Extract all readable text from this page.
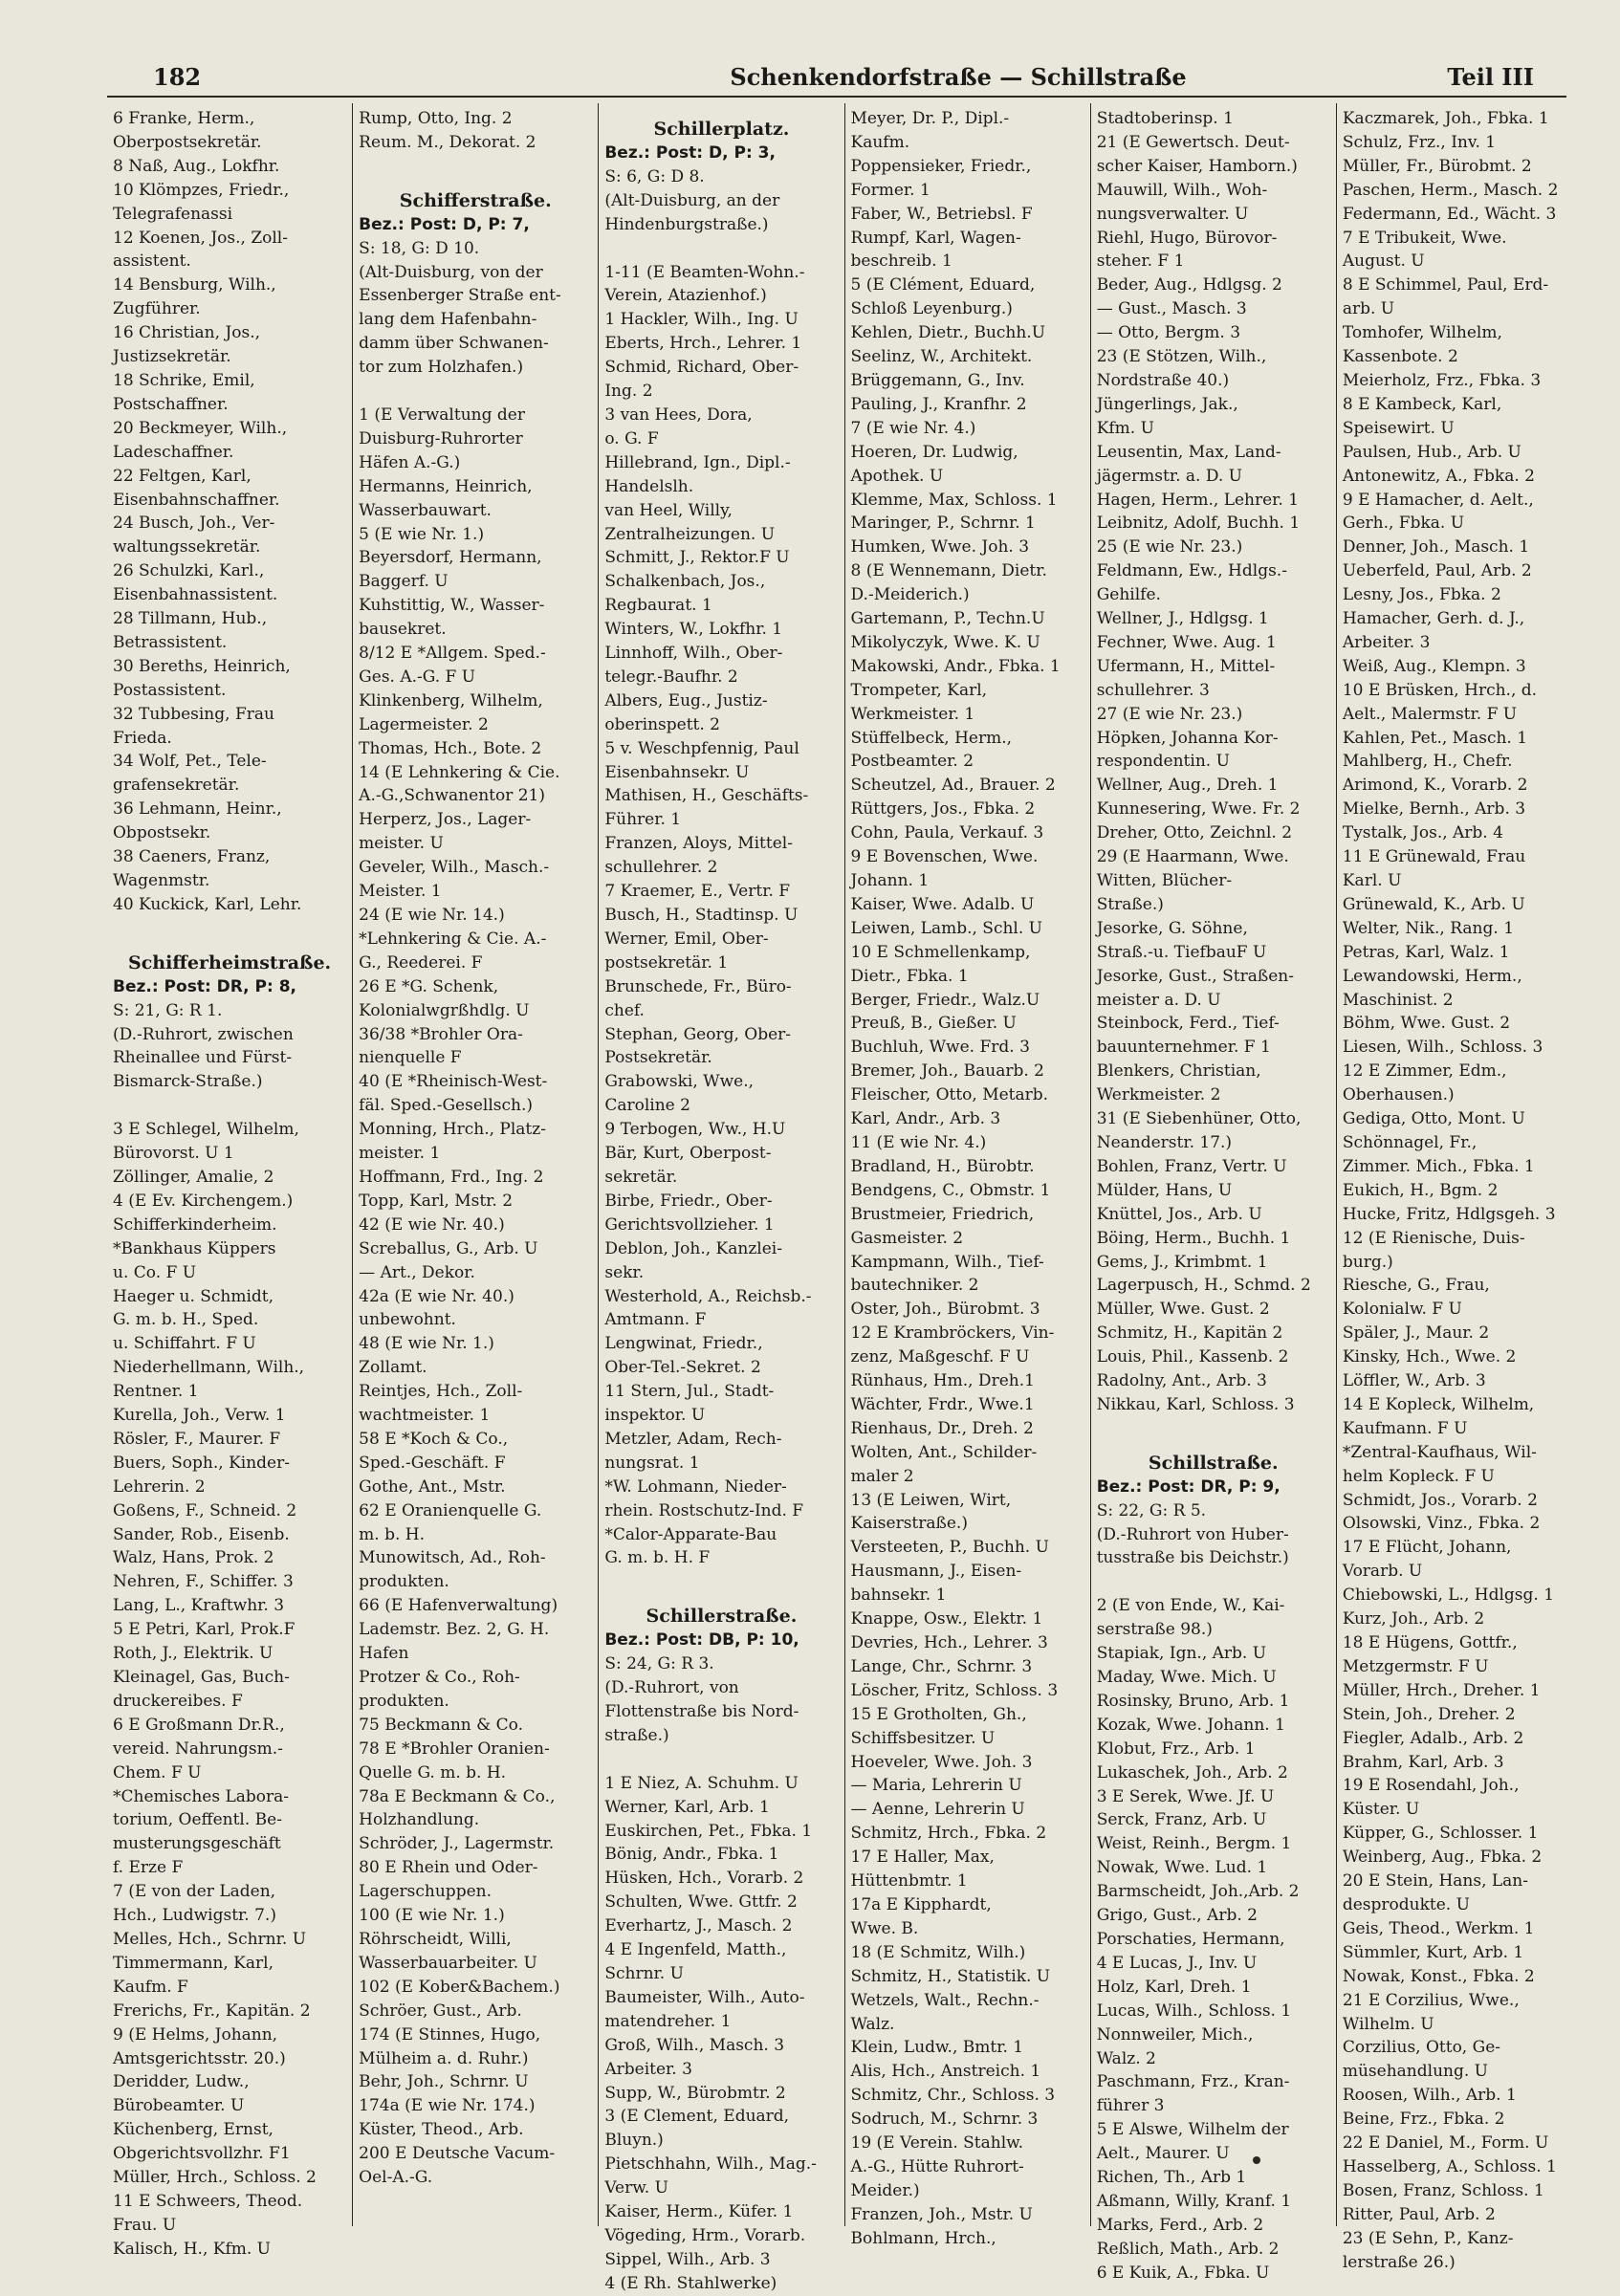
182	Schenkendorfstraße — Schillstraße	Teil III
6 Franke, Herm.,
Oberpostsekretär.
8 Naß, Aug., Lokfhr.
10 Klömpzes, Friedr.,
Telegrafenassi
12 Koenen, Jos., Zoll-
assistent.
14 Bensburg, Wilh.,
Zugführer.
16 Christian, Jos.,
Justizsekretär.
18 Schrike, Emil,
Postschaffner.
20 Beckmeyer, Wilh.,
Ladeschaffner.
22 Feltgen, Karl,
Eisenbahnschaffner.
24 Busch, Joh., Ver-
waltungssekretär.
26 Schulzki, Karl.,
Eisenbahnassistent.
28 Tillmann, Hub.,
Betrassistent.
30 Bereths, Heinrich,
Postassistent.
32 Tubbesing, Frau
Frieda.
34 Wolf, Pet., Tele-
grafensekretär.
36 Lehmann, Heinr.,
Obpostsekr.
38 Caeners, Franz,
Wagenmstr.
40 Kuckick, Karl, Lehr.

Schifferheimstraße.
Bez.: Post: DR, P: 8,
S: 21, G: R 1.
(D.-Ruhrort, zwischen
Rheinallee und Fürst-
Bismarck-Straße.)

3 E Schlegel, Wilhelm,
Bürovorst. U 1
Zöllinger, Amalie, 2
4 (E Ev. Kirchengem.)
Schifferkinderheim.
*Bankhaus Küppers
u. Co. F U
Haeger u. Schmidt,
G. m. b. H., Sped.
u. Schiffahrt. F U
Niederhellmann, Wilh.,
Rentner. 1
Kurella, Joh., Verw. 1
Rösler, F., Maurer. F
Buers, Soph., Kinder-
Lehrerin. 2
Goßens, F., Schneid. 2
Sander, Rob., Eisenb.
Walz, Hans, Prok. 2
Nehren, F., Schiffer. 3
Lang, L., Kraftwhr. 3
5 E Petri, Karl, Prok.F
Roth, J., Elektrik. U
Kleinagel, Gas, Buch-
druckereibes. F
6 E Großmann Dr.R.,
vereid. Nahrungsm.-
Chem. F U
*Chemisches Labora-
torium, Oeffentl. Be-
musterungsgeschäft
f. Erze F
7 (E von der Laden,
Hch., Ludwigstr. 7.)
Melles, Hch., Schrnr. U
Timmermann, Karl,
Kaufm. F
Frerichs, Fr., Kapitän. 2
9 (E Helms, Johann,
Amtsgerichtsstr. 20.)
Deridder, Ludw.,
Bürobeamter. U
Küchenberg, Ernst,
Obgerichtsvollzhr. F1
Müller, Hrch., Schloss. 2
11 E Schweers, Theod.
Frau. U
Kalisch, H., Kfm. U
Rump, Otto, Ing. 2
Reum. M., Dekorat. 2

Schifferstraße.
Bez.: Post: D, P: 7,
S: 18, G: D 10.
(Alt-Duisburg, von der
Essenberger Straße ent-
lang dem Hafenbahn-
damm über Schwanen-
tor zum Holzhafen.)

1 (E Verwaltung der
Duisburg-Ruhrorter
Häfen A.-G.)
Hermanns, Heinrich,
Wasserbauwart.
5 (E wie Nr. 1.)
Beyersdorf, Hermann,
Baggerf. U
Kuhstittig, W., Wasser-
bausekret.
8/12 E *Allgem. Sped.-
Ges. A.-G. F U
Klinkenberg, Wilhelm,
Lagermeister. 2
Thomas, Hch., Bote. 2
14 (E Lehnkering & Cie.
A.-G.,Schwanentor 21)
Herperz, Jos., Lager-
meister. U
Geveler, Wilh., Masch.-
Meister. 1
24 (E wie Nr. 14.)
*Lehnkering & Cie. A.-
G., Reederei. F
26 E *G. Schenk,
Kolonialwgrßhdlg. U
36/38 *Brohler Ora-
nienquelle F
40 (E *Rheinisch-West-
fäl. Sped.-Gesellsch.)
Monning, Hrch., Platz-
meister. 1
Hoffmann, Frd., Ing. 2
Topp, Karl, Mstr. 2
42 (E wie Nr. 40.)
Screballus, G., Arb. U
— Art., Dekor.
42a (E wie Nr. 40.)
unbewohnt.
48 (E wie Nr. 1.)
Zollamt.
Reintjes, Hch., Zoll-
wachtmeister. 1
58 E *Koch & Co.,
Sped.-Geschäft. F
Gothe, Ant., Mstr.
62 E Oranienquelle G.
m. b. H.
Munowitsch, Ad., Roh-
produkten.
66 (E Hafenverwaltung)
Lademstr. Bez. 2, G. H.
Hafen
Protzer & Co., Roh-
produkten.
75 Beckmann & Co.
78 E *Brohler Oranien-
Quelle G. m. b. H.
78a E Beckmann & Co.,
Holzhandlung.
Schröder, J., Lagermstr.
80 E Rhein und Oder-
Lagerschuppen.
100 (E wie Nr. 1.)
Röhrscheidt, Willi,
Wasserbauarbeiter. U
102 (E Kober&Bachem.)
Schröer, Gust., Arb.
174 (E Stinnes, Hugo,
Mülheim a. d. Ruhr.)
Behr, Joh., Schrnr. U
174a (E wie Nr. 174.)
Küster, Theod., Arb.
200 E Deutsche Vacum-
Oel-A.-G.
Schillerplatz.
Bez.: Post: D, P: 3,
S: 6, G: D 8.
(Alt-Duisburg, an der
Hindenburgstraße.)

1-11 (E Beamten-Wohn.-
Verein, Atazienhof.)
1 Hackler, Wilh., Ing. U
Eberts, Hrch., Lehrer. 1
Schmid, Richard, Ober-
Ing. 2
3 van Hees, Dora,
o. G. F
Hillebrand, Ign., Dipl.-
Handelslh.
van Heel, Willy,
Zentralheizungen. U
Schmitt, J., Rektor.F U
Schalkenbach, Jos.,
Regbaurat. 1
Winters, W., Lokfhr. 1
Linnhoff, Wilh., Ober-
telegr.-Baufhr. 2
Albers, Eug., Justiz-
oberinspett. 2
5 v. Weschpfennig, Paul
Eisenbahnsekr. U
Mathisen, H., Geschäfts-
Führer. 1
Franzen, Aloys, Mittel-
schullehrer. 2
7 Kraemer, E., Vertr. F
Busch, H., Stadtinsp. U
Werner, Emil, Ober-
postsekretär. 1
Brunschede, Fr., Büro-
chef.
Stephan, Georg, Ober-
Postsekretär.
Grabowski, Wwe.,
Caroline 2
9 Terbogen, Ww., H.U
Bär, Kurt, Oberpost-
sekretär.
Birbe, Friedr., Ober-
Gerichtsvollzieher. 1
Deblon, Joh., Kanzlei-
sekr.
Westerhold, A., Reichsb.-
Amtmann. F
Lengwinat, Friedr.,
Ober-Tel.-Sekret. 2
11 Stern, Jul., Stadt-
inspektor. U
Metzler, Adam, Rech-
nungsrat. 1
*W. Lohmann, Nieder-
rhein. Rostschutz-Ind. F
*Calor-Apparate-Bau
G. m. b. H. F

Schillerstraße.
Bez.: Post: DB, P: 10,
S: 24, G: R 3.
(D.-Ruhrort, von
Flottenstraße bis Nord-
straße.)

1 E Niez, A. Schuhm. U
Werner, Karl, Arb. 1
Euskirchen, Pet., Fbka. 1
Bönig, Andr., Fbka. 1
Hüsken, Hch., Vorarb. 2
Schulten, Wwe. Gttfr. 2
Everhartz, J., Masch. 2
4 E Ingenfeld, Matth.,
Schrnr. U
Baumeister, Wilh., Auto-
matendreher. 1
Groß, Wilh., Masch. 3
Arbeiter. 3
Supp, W., Bürobmtr. 2
3 (E Clement, Eduard,
Bluyn.)
Pietschhahn, Wilh., Mag.-
Verw. U
Kaiser, Herm., Küfer. 1
Vögeding, Hrm., Vorarb.
Sippel, Wilh., Arb. 3
4 (E Rh. Stahlwerke)
Meyer, Dr. P., Dipl.-
Kaufm.
Poppensieker, Friedr.,
Former. 1
Faber, W., Betriebsl. F
Rumpf, Karl, Wagen-
beschreib. 1
5 (E Clément, Eduard,
Schloß Leyenburg.)
Kehlen, Dietr., Buchh.U
Seelinz, W., Architekt.
Brüggemann, G., Inv.
Pauling, J., Kranfhr. 2
7 (E wie Nr. 4.)
Hoeren, Dr. Ludwig,
Apothek. U
Klemme, Max, Schloss. 1
Maringer, P., Schrnr. 1
Humken, Wwe. Joh. 3
8 (E Wennemann, Dietr.
D.-Meiderich.)
Gartemann, P., Techn.U
Mikolyczyk, Wwe. K. U
Makowski, Andr., Fbka. 1
Trompeter, Karl,
Werkmeister. 1
Stüffelbeck, Herm.,
Postbeamter. 2
Scheutzel, Ad., Brauer. 2
Rüttgers, Jos., Fbka. 2
Cohn, Paula, Verkauf. 3
9 E Bovenschen, Wwe.
Johann. 1
Kaiser, Wwe. Adalb. U
Leiwen, Lamb., Schl. U
10 E Schmellenkamp,
Dietr., Fbka. 1
Berger, Friedr., Walz.U
Preuß, B., Gießer. U
Buchluh, Wwe. Frd. 3
Bremer, Joh., Bauarb. 2
Fleischer, Otto, Metarb.
Karl, Andr., Arb. 3
11 (E wie Nr. 4.)
Bradland, H., Bürobtr.
Bendgens, C., Obmstr. 1
Brustmeier, Friedrich,
Gasmeister. 2
Kampmann, Wilh., Tief-
bautechniker. 2
Oster, Joh., Bürobmt. 3
12 E Krambröckers, Vin-
zenz, Maßgeschf. F U
Rünhaus, Hm., Dreh.1
Wächter, Frdr., Wwe.1
Rienhaus, Dr., Dreh. 2
Wolten, Ant., Schilder-
maler 2
13 (E Leiwen, Wirt,
Kaiserstraße.)
Versteeten, P., Buchh. U
Hausmann, J., Eisen-
bahnsekr. 1
Knappe, Osw., Elektr. 1
Devries, Hch., Lehrer. 3
Lange, Chr., Schrnr. 3
Löscher, Fritz, Schloss. 3
15 E Grotholten, Gh.,
Schiffsbesitzer. U
Hoeveler, Wwe. Joh. 3
— Maria, Lehrerin U
— Aenne, Lehrerin U
Schmitz, Hrch., Fbka. 2
17 E Haller, Max,
Hüttenbmtr. 1
17a E Kipphardt,
Wwe. B.
18 (E Schmitz, Wilh.)
Schmitz, H., Statistik. U
Wetzels, Walt., Rechn.-
Walz.
Klein, Ludw., Bmtr. 1
Alis, Hch., Anstreich. 1
Schmitz, Chr., Schloss. 3
Sodruch, M., Schrnr. 3
19 (E Verein. Stahlw.
A.-G., Hütte Ruhrort-
Meider.)
Franzen, Joh., Mstr. U
Bohlmann, Hrch.,
Stadtoberinsp. 1
21 (E Gewertsch. Deut-
scher Kaiser, Hamborn.)
Mauwill, Wilh., Woh-
nungsverwalter. U
Riehl, Hugo, Bürovor-
steher. F 1
Beder, Aug., Hdlgsg. 2
— Gust., Masch. 3
— Otto, Bergm. 3
23 (E Stötzen, Wilh.,
Nordstraße 40.)
Jüngerlings, Jak.,
Kfm. U
Leusentin, Max, Land-
jägermstr. a. D. U
Hagen, Herm., Lehrer. 1
Leibnitz, Adolf, Buchh. 1
25 (E wie Nr. 23.)
Feldmann, Ew., Hdlgs.-
Gehilfe.
Wellner, J., Hdlgsg. 1
Fechner, Wwe. Aug. 1
Ufermann, H., Mittel-
schullehrer. 3
27 (E wie Nr. 23.)
Höpken, Johanna Kor-
respondentin. U
Wellner, Aug., Dreh. 1
Kunnesering, Wwe. Fr. 2
Dreher, Otto, Zeichnl. 2
29 (E Haarmann, Wwe.
Witten, Blücher-
Straße.)
Jesorke, G. Söhne,
Straß.-u. TiefbauF U
Jesorke, Gust., Straßen-
meister a. D. U
Steinbock, Ferd., Tief-
bauunternehmer. F 1
Blenkers, Christian,
Werkmeister. 2
31 (E Siebenhüner, Otto,
Neanderstr. 17.)
Bohlen, Franz, Vertr. U
Mülder, Hans, U
Knüttel, Jos., Arb. U
Böing, Herm., Buchh. 1
Gems, J., Krimbmt. 1
Lagerpusch, H., Schmd. 2
Müller, Wwe. Gust. 2
Schmitz, H., Kapitän 2
Louis, Phil., Kassenb. 2
Radolny, Ant., Arb. 3
Nikkau, Karl, Schloss. 3

Schillstraße.
Bez.: Post: DR, P: 9,
S: 22, G: R 5.
(D.-Ruhrort von Huber-
tusstraße bis Deichstr.)

2 (E von Ende, W., Kai-
serstraße 98.)
Stapiak, Ign., Arb. U
Maday, Wwe. Mich. U
Rosinsky, Bruno, Arb. 1
Kozak, Wwe. Johann. 1
Klobut, Frz., Arb. 1
Lukaschek, Joh., Arb. 2
3 E Serek, Wwe. Jf. U
Serck, Franz, Arb. U
Weist, Reinh., Bergm. 1
Nowak, Wwe. Lud. 1
Barmscheidt, Joh.,Arb. 2
Grigo, Gust., Arb. 2
Porschaties, Hermann,
4 E Lucas, J., Inv. U
Holz, Karl, Dreh. 1
Lucas, Wilh., Schloss. 1
Nonnweiler, Mich.,
Walz. 2
Paschmann, Frz., Kran-
führer 3
5 E Alswe, Wilhelm der
Aelt., Maurer. U
Richen, Th., Arb 1
Aßmann, Willy, Kranf. 1
Marks, Ferd., Arb. 2
Reßlich, Math., Arb. 2
6 E Kuik, A., Fbka. U
Kaczmarek, Joh., Fbka. 1
Schulz, Frz., Inv. 1
Müller, Fr., Bürobmt. 2
Paschen, Herm., Masch. 2
Federmann, Ed., Wächt. 3
7 E Tribukeit, Wwe.
August. U
8 E Schimmel, Paul, Erd-
arb. U
Tomhofer, Wilhelm,
Kassenbote. 2
Meierholz, Frz., Fbka. 3
8 E Kambeck, Karl,
Speisewirt. U
Paulsen, Hub., Arb. U
Antonewitz, A., Fbka. 2
9 E Hamacher, d. Aelt.,
Gerh., Fbka. U
Denner, Joh., Masch. 1
Ueberfeld, Paul, Arb. 2
Lesny, Jos., Fbka. 2
Hamacher, Gerh. d. J.,
Arbeiter. 3
Weiß, Aug., Klempn. 3
10 E Brüsken, Hrch., d.
Aelt., Malermstr. F U
Kahlen, Pet., Masch. 1
Mahlberg, H., Chefr.
Arimond, K., Vorarb. 2
Mielke, Bernh., Arb. 3
Tystalk, Jos., Arb. 4
11 E Grünewald, Frau
Karl. U
Grünewald, K., Arb. U
Welter, Nik., Rang. 1
Petras, Karl, Walz. 1
Lewandowski, Herm.,
Maschinist. 2
Böhm, Wwe. Gust. 2
Liesen, Wilh., Schloss. 3
12 E Zimmer, Edm.,
Oberhausen.)
Gediga, Otto, Mont. U
Schönnagel, Fr.,
Zimmer. Mich., Fbka. 1
Eukich, H., Bgm. 2
Hucke, Fritz, Hdlgsgeh. 3
12 (E Rienische, Duis-
burg.)
Riesche, G., Frau,
Kolonialw. F U
Späler, J., Maur. 2
Kinsky, Hch., Wwe. 2
Löffler, W., Arb. 3
14 E Kopleck, Wilhelm,
Kaufmann. F U
*Zentral-Kaufhaus, Wil-
helm Kopleck. F U
Schmidt, Jos., Vorarb. 2
Olsowski, Vinz., Fbka. 2
17 E Flücht, Johann,
Vorarb. U
Chiebowski, L., Hdlgsg. 1
Kurz, Joh., Arb. 2
18 E Hügens, Gottfr.,
Metzgermstr. F U
Müller, Hrch., Dreher. 1
Stein, Joh., Dreher. 2
Fiegler, Adalb., Arb. 2
Brahm, Karl, Arb. 3
19 E Rosendahl, Joh.,
Küster. U
Küpper, G., Schlosser. 1
Weinberg, Aug., Fbka. 2
20 E Stein, Hans, Lan-
desprodukte. U
Geis, Theod., Werkm. 1
Sümmler, Kurt, Arb. 1
Nowak, Konst., Fbka. 2
21 E Corzilius, Wwe.,
Wilhelm. U
Corzilius, Otto, Ge-
müsehandlung. U
Roosen, Wilh., Arb. 1
Beine, Frz., Fbka. 2
22 E Daniel, M., Form. U
Hasselberg, A., Schloss. 1
Bosen, Franz, Schloss. 1
Ritter, Paul, Arb. 2
23 (E Sehn, P., Kanz-
lerstraße 26.)
